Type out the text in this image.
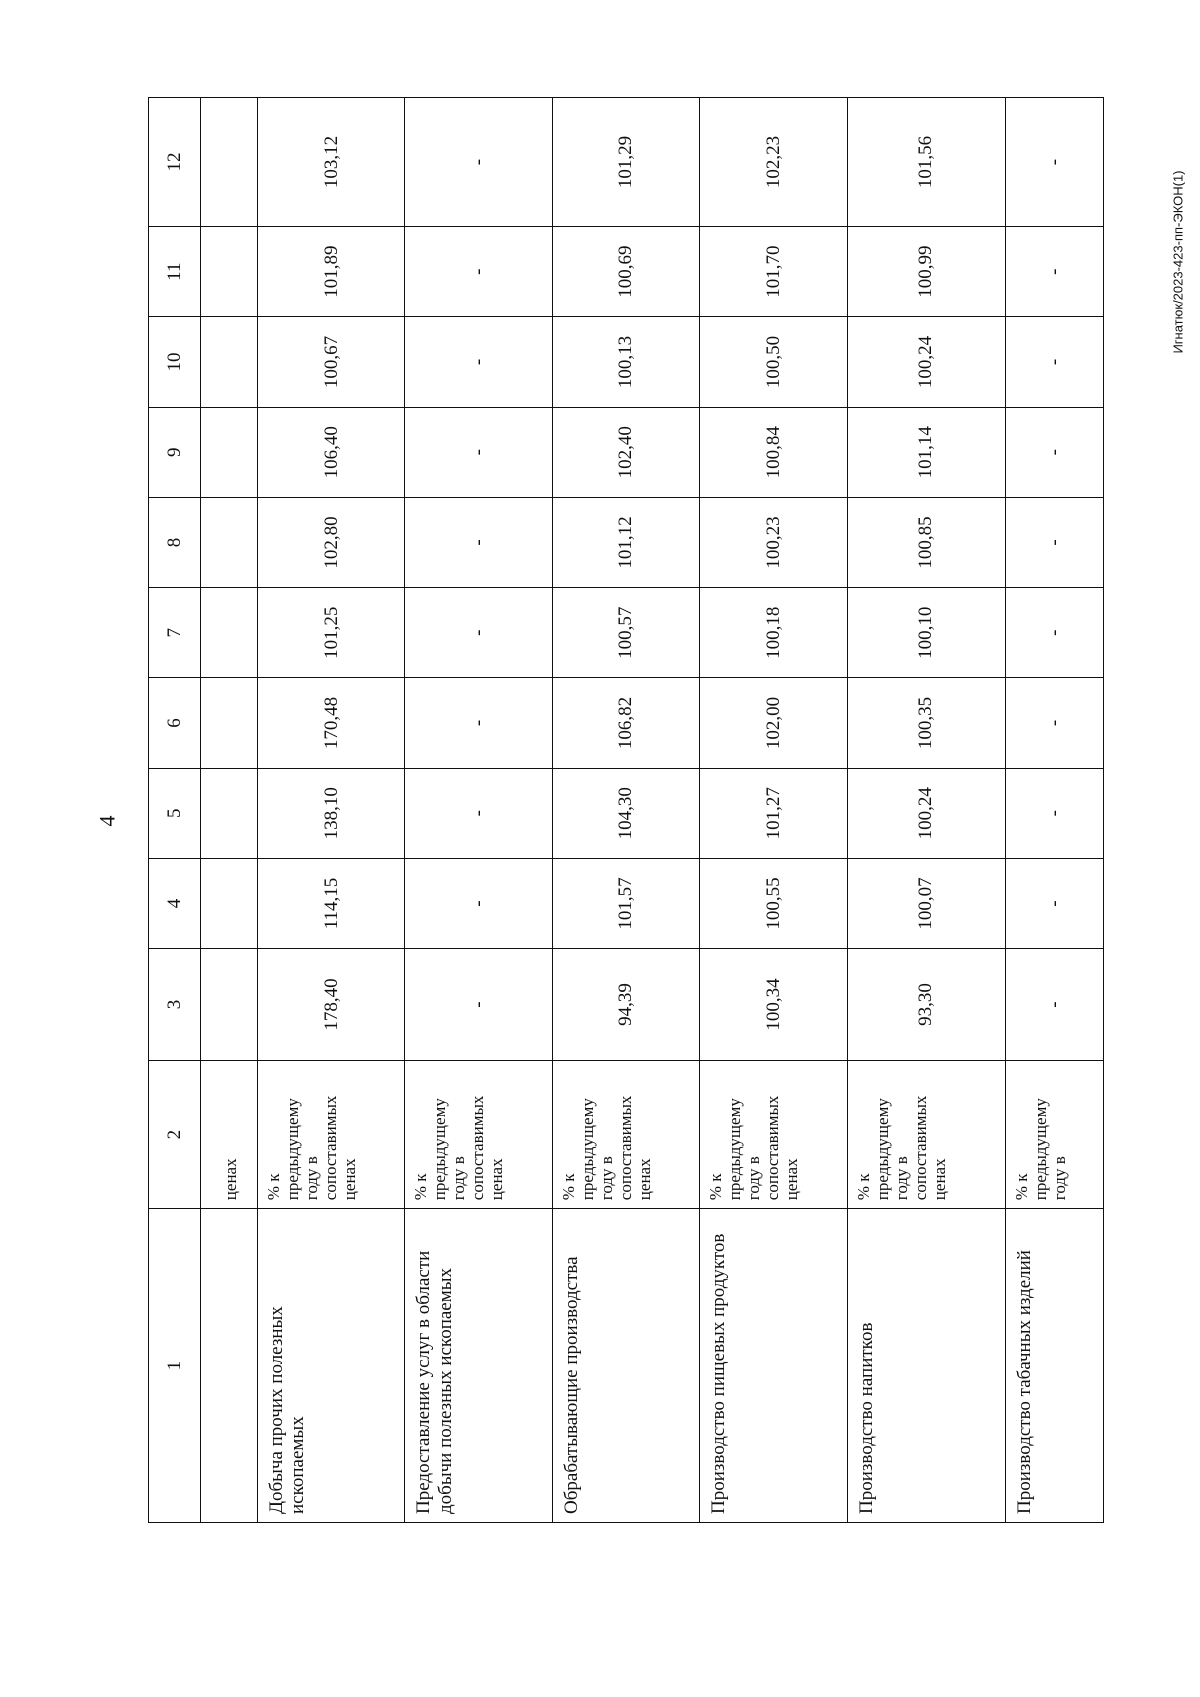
4
Игнатюк/2023-423-пп-ЭКОН(1)
1	2	3	4	5	6	7	8	9	10	11	12
	ценах										
Добыча прочих полезных ископаемых	% к предыдущему году в сопоставимых ценах	178,40	114,15	138,10	170,48	101,25	102,80	106,40	100,67	101,89	103,12
Предоставление услуг в области добычи полезных ископаемых	% к предыдущему году в сопоставимых ценах	-	-	-	-	-	-	-	-	-	-
Обрабатывающие производства	% к предыдущему году в сопоставимых ценах	94,39	101,57	104,30	106,82	100,57	101,12	102,40	100,13	100,69	101,29
Производство пищевых продуктов	% к предыдущему году в сопоставимых ценах	100,34	100,55	101,27	102,00	100,18	100,23	100,84	100,50	101,70	102,23
Производство напитков	% к предыдущему году в сопоставимых ценах	93,30	100,07	100,24	100,35	100,10	100,85	101,14	100,24	100,99	101,56
Производство табачных изделий	% к предыдущему году в	-	-	-	-	-	-	-	-	-	-
